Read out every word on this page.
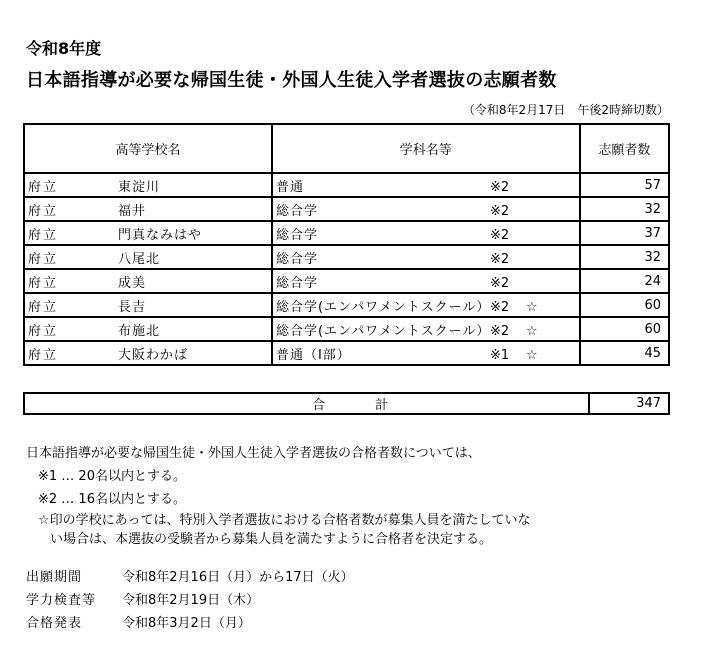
令和8年度
日本語指導が必要な帰国生徒・外国人生徒入学者選抜の志願者数
（令和8年2月17日　午後2時締切数）
高等学校名	学科名等	志願者数
府立 東淀川	普通 ※2	57
府立 福井	総合学 ※2	32
府立 門真なみはや	総合学 ※2	37
府立 八尾北	総合学 ※2	32
府立 成美	総合学 ※2	24
府立 長吉	総合学(エンパワメントスクール）※2 ☆	60
府立 布施北	総合学(エンパワメントスクール）※2 ☆	60
府立 大阪わかば	普通（Ⅰ部） ※1 ☆	45
合計	347
日本語指導が必要な帰国生徒・外国人生徒入学者選抜の合格者数については、
※1 … 20名以内とする。
※2 … 16名以内とする。
☆印の学校にあっては、特別入学者選抜における合格者数が募集人員を満たしていな
い場合は、本選抜の受験者から募集人員を満たすように合格者を決定する。
出願期間	令和8年2月16日（月）から17日（火）
学力検査等 令和8年2月19日（木）
合格発表	令和8年3月2日（月）
